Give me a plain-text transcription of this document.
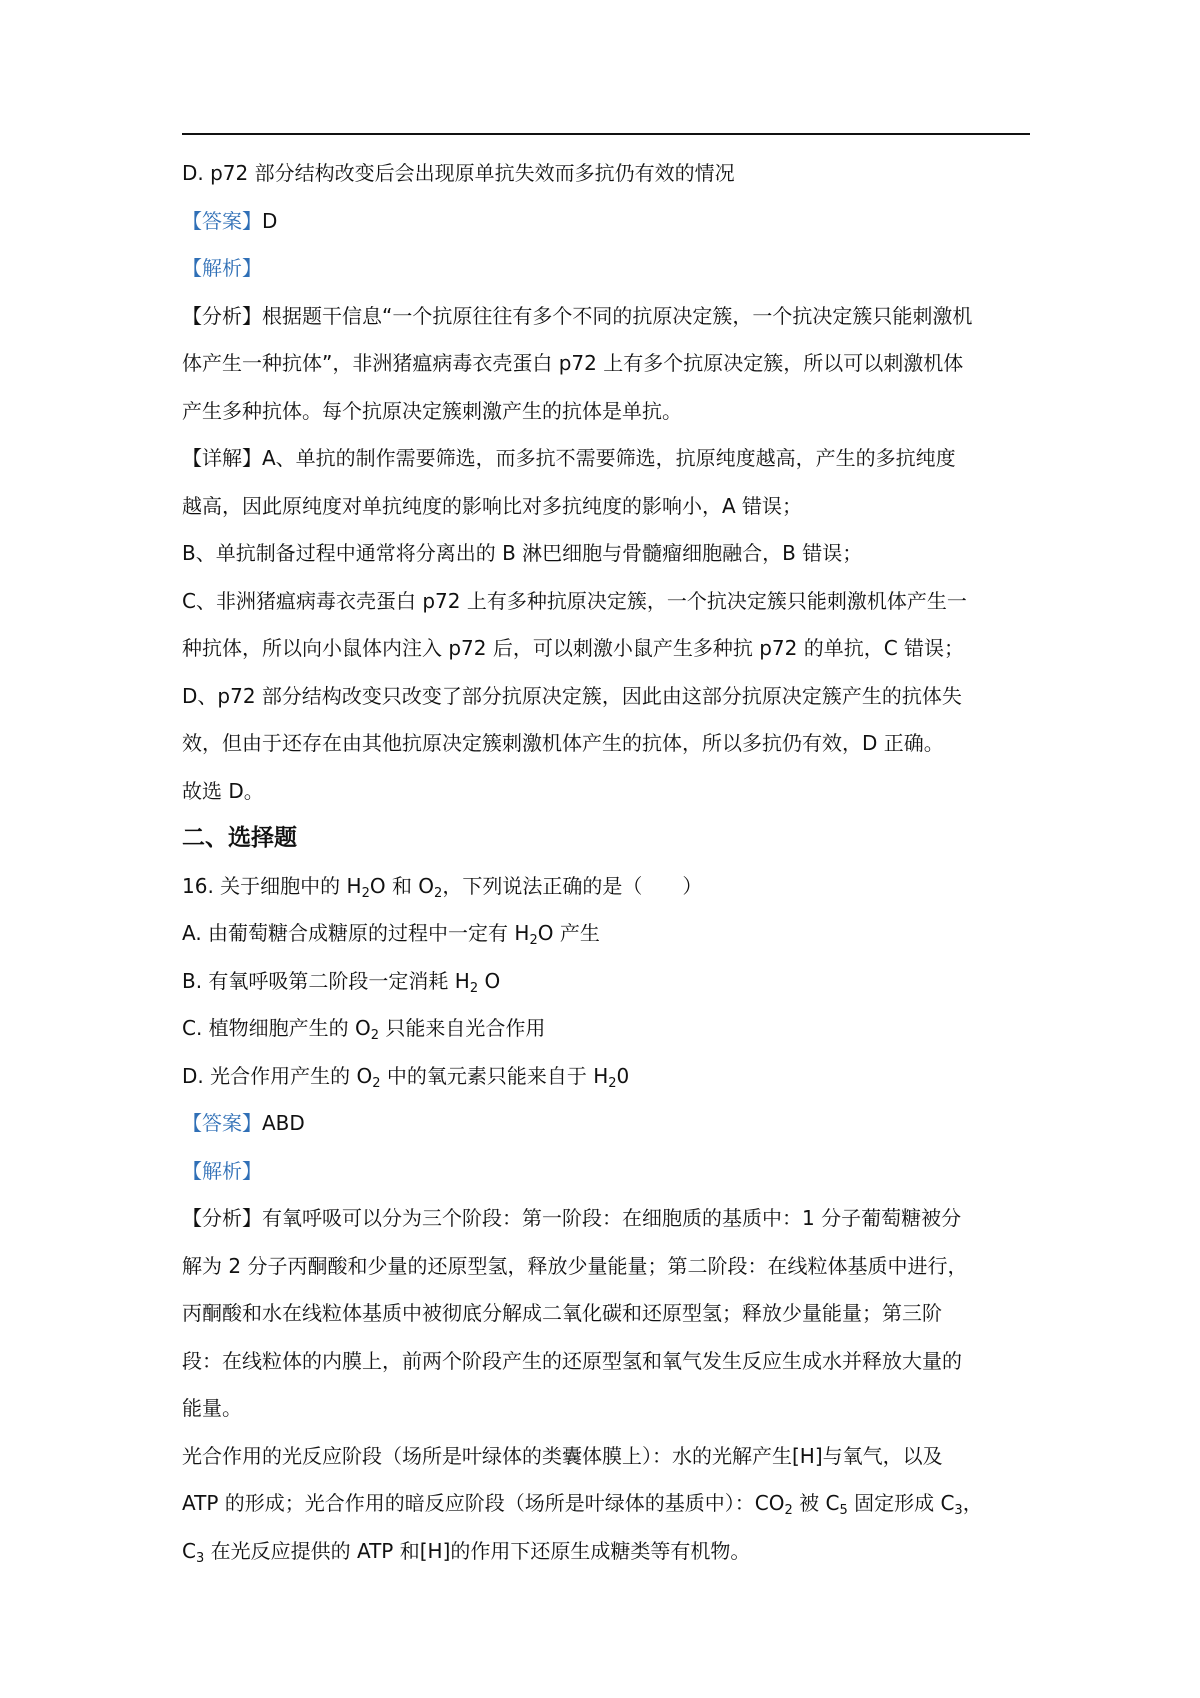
D. p72 部分结构改变后会出现原单抗失效而多抗仍有效的情况
【答案】D
【解析】
【分析】根据题干信息“一个抗原往往有多个不同的抗原决定簇，一个抗决定簇只能刺激机
体产生一种抗体”，非洲猪瘟病毒衣壳蛋白 p72 上有多个抗原决定簇，所以可以刺激机体
产生多种抗体。每个抗原决定簇刺激产生的抗体是单抗。
【详解】A、单抗的制作需要筛选，而多抗不需要筛选，抗原纯度越高，产生的多抗纯度
越高，因此原纯度对单抗纯度的影响比对多抗纯度的影响小，A 错误；
B、单抗制备过程中通常将分离出的 B 淋巴细胞与骨髓瘤细胞融合，B 错误；
C、非洲猪瘟病毒衣壳蛋白 p72 上有多种抗原决定簇，一个抗决定簇只能刺激机体产生一
种抗体，所以向小鼠体内注入 p72 后，可以刺激小鼠产生多种抗 p72 的单抗，C 错误；
D、p72 部分结构改变只改变了部分抗原决定簇，因此由这部分抗原决定簇产生的抗体失
效，但由于还存在由其他抗原决定簇刺激机体产生的抗体，所以多抗仍有效，D 正确。
故选 D。
二、选择题
16. 关于细胞中的 $H_2O$ 和 $O_2$，下列说法正确的是（　　）
A. 由葡萄糖合成糖原的过程中一定有 $H_2O$ 产生
B. 有氧呼吸第二阶段一定消耗 $H_2$ O
C. 植物细胞产生的 $O_2$ 只能来自光合作用
D. 光合作用产生的 $O_2$ 中的氧元素只能来自于 $H_20$
【答案】ABD
【解析】
【分析】有氧呼吸可以分为三个阶段：第一阶段：在细胞质的基质中：1 分子葡萄糖被分
解为 2 分子丙酮酸和少量的还原型氢，释放少量能量；第二阶段：在线粒体基质中进行，
丙酮酸和水在线粒体基质中被彻底分解成二氧化碳和还原型氢；释放少量能量；第三阶
段：在线粒体的内膜上，前两个阶段产生的还原型氢和氧气发生反应生成水并释放大量的
能量。
光合作用的光反应阶段（场所是叶绿体的类囊体膜上）：水的光解产生[H]与氧气，以及
ATP 的形成；光合作用的暗反应阶段（场所是叶绿体的基质中）：$CO_2$ 被 $C_5$ 固定形成 $C_3$，
$C_3$ 在光反应提供的 ATP 和[H]的作用下还原生成糖类等有机物。
